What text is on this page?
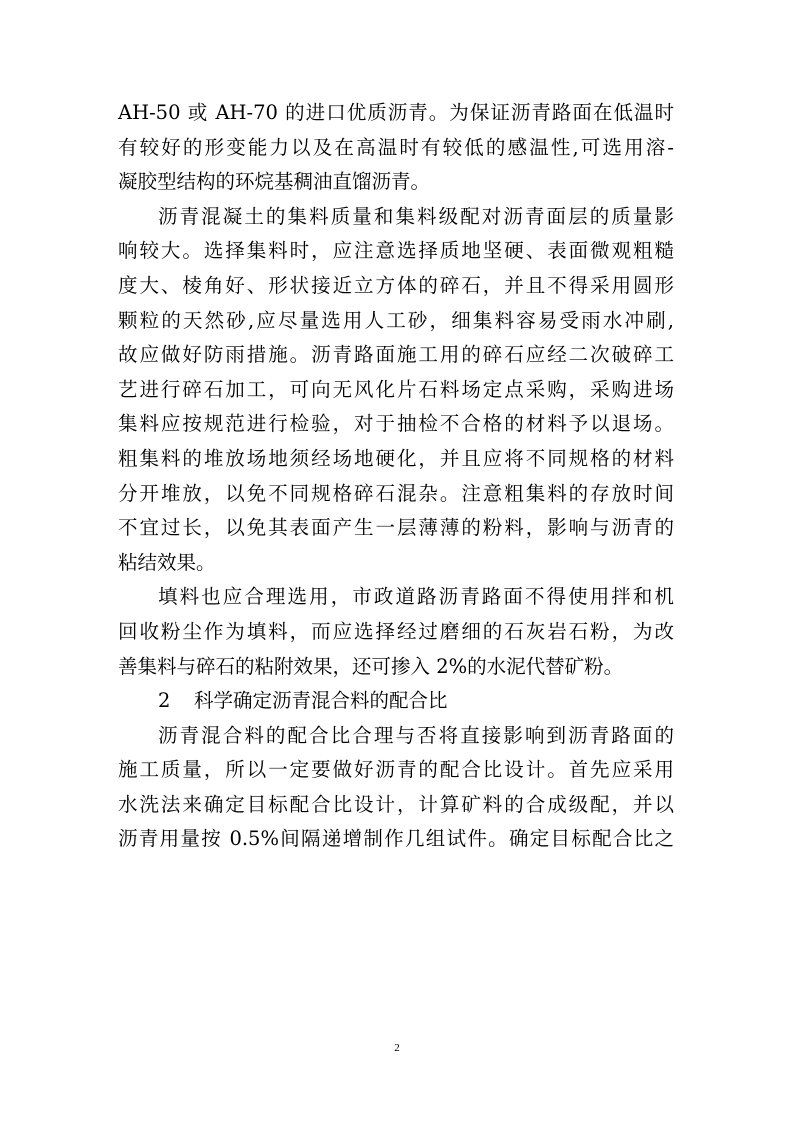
AH-50 或 AH-70 的进口优质沥青。为保证沥青路面在低温时
有较好的形变能力以及在高温时有较低的感温性,可选用溶-
凝胶型结构的环烷基稠油直馏沥青。
沥青混凝土的集料质量和集料级配对沥青面层的质量影
响较大。选择集料时，应注意选择质地坚硬、表面微观粗糙
度大、棱角好、形状接近立方体的碎石，并且不得采用圆形
颗粒的天然砂,应尽量选用人工砂，细集料容易受雨水冲刷,
故应做好防雨措施。沥青路面施工用的碎石应经二次破碎工
艺进行碎石加工，可向无风化片石料场定点采购，采购进场
集料应按规范进行检验，对于抽检不合格的材料予以退场。
粗集料的堆放场地须经场地硬化，并且应将不同规格的材料
分开堆放，以免不同规格碎石混杂。注意粗集料的存放时间
不宜过长，以免其表面产生一层薄薄的粉料，影响与沥青的
粘结效果。
填料也应合理选用，市政道路沥青路面不得使用拌和机
回收粉尘作为填料，而应选择经过磨细的石灰岩石粉，为改
善集料与碎石的粘附效果，还可掺入 2%的水泥代替矿粉。
2 科学确定沥青混合料的配合比
沥青混合料的配合比合理与否将直接影响到沥青路面的
施工质量，所以一定要做好沥青的配合比设计。首先应采用
水洗法来确定目标配合比设计，计算矿料的合成级配，并以
沥青用量按 0.5%间隔递增制作几组试件。确定目标配合比之
2
